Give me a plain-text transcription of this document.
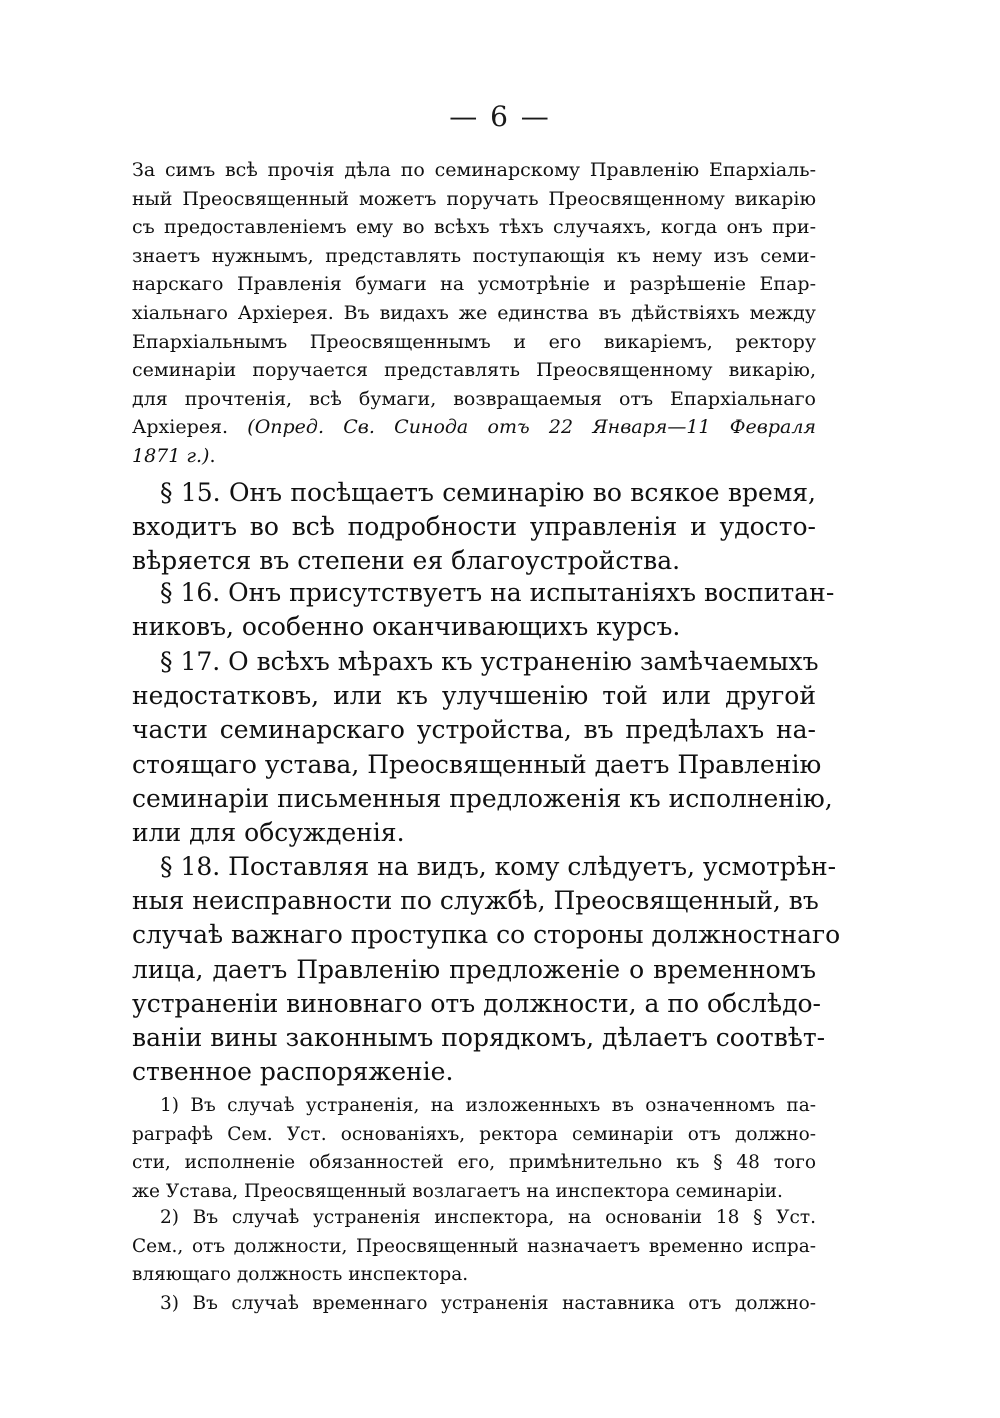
— 6 —
За симъ всѣ прочія дѣла по семинарскому Правленію Епархіаль-
ный Преосвященный можетъ поручать Преосвященному викарію
съ предоставленіемъ ему во всѣхъ тѣхъ случаяхъ, когда онъ при-
знаетъ нужнымъ, представлять поступающія къ нему изъ семи-
нарскаго Правленія бумаги на усмотрѣніе и разрѣшеніе Епар-
хіальнаго Архіерея. Въ видахъ же единства въ дѣйствіяхъ между
Епархіальнымъ Преосвященнымъ и его викаріемъ, ректору
семинаріи поручается представлять Преосвященному викарію,
для прочтенія, всѣ бумаги, возвращаемыя отъ Епархіальнаго
Архіерея. (Опред. Св. Синода отъ 22 Января—11 Февраля
1871 г.).
§ 15. Онъ посѣщаетъ семинарію во всякое время,
входитъ во всѣ подробности управленія и удосто-
вѣряется въ степени ея благоустройства.
§ 16. Онъ присутствуетъ на испытаніяхъ воспитан-
никовъ, особенно оканчивающихъ курсъ.
§ 17. О всѣхъ мѣрахъ къ устраненію замѣчаемыхъ
недостатковъ, или къ улучшенію той или другой
части семинарскаго устройства, въ предѣлахъ на-
стоящаго устава, Преосвященный даетъ Правленію
семинаріи письменныя предложенія къ исполненію,
или для обсужденія.
§ 18. Поставляя на видъ, кому слѣдуетъ, усмотрѣн-
ныя неисправности по службѣ, Преосвященный, въ
случаѣ важнаго проступка со стороны должностнаго
лица, даетъ Правленію предложеніе о временномъ
устраненіи виновнаго отъ должности, а по обслѣдо-
ваніи вины законнымъ порядкомъ, дѣлаетъ соотвѣт-
ственное распоряженіе.
1) Въ случаѣ устраненія, на изложенныхъ въ означенномъ па-
раграфѣ Сем. Уст. основаніяхъ, ректора семинаріи отъ должно-
сти, исполненіе обязанностей его, примѣнительно къ § 48 того
же Устава, Преосвященный возлагаетъ на инспектора семинаріи.
2) Въ случаѣ устраненія инспектора, на основаніи 18 § Уст.
Сем., отъ должности, Преосвященный назначаетъ временно испра-
вляющаго должность инспектора.
3) Въ случаѣ временнаго устраненія наставника отъ должно-
